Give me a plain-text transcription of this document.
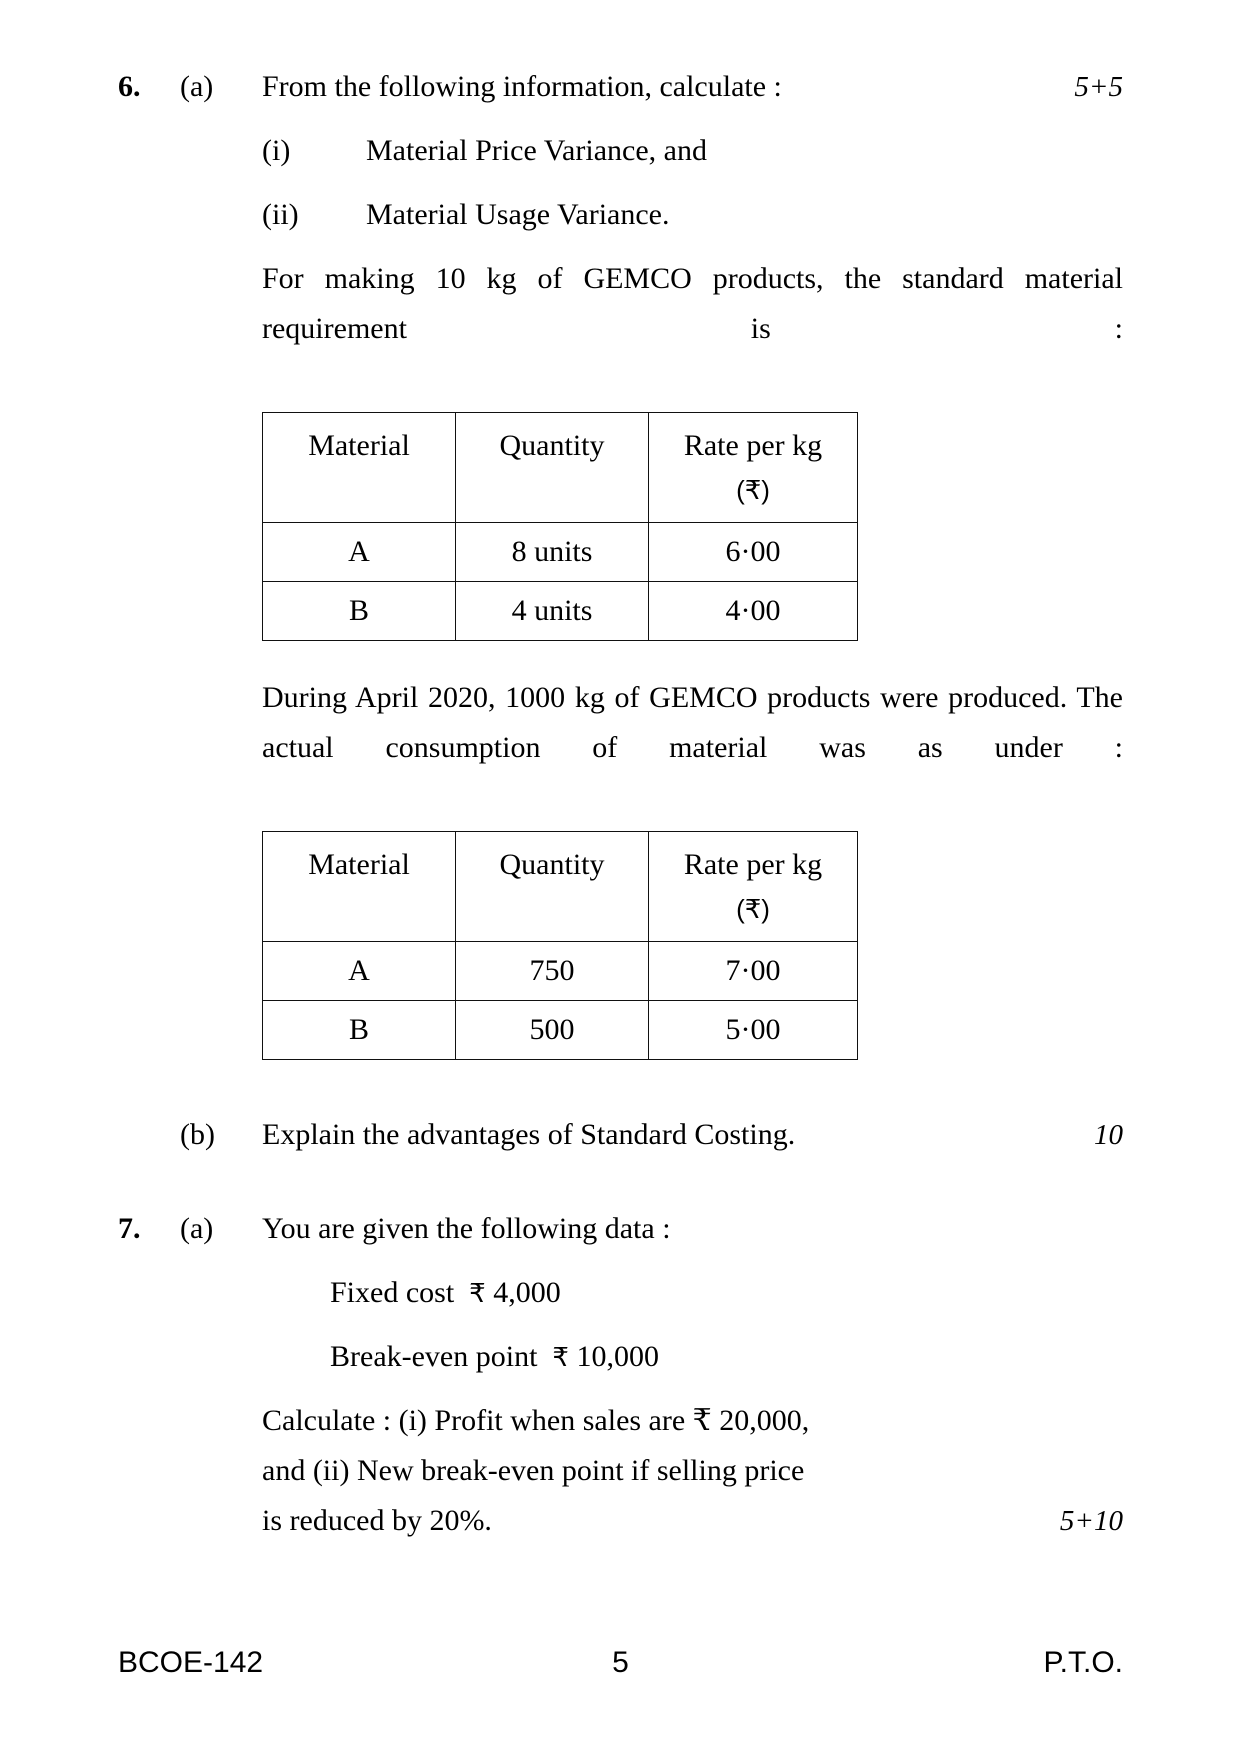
6.	(a)	5+5
From the following information, calculate :
(i)	Material Price Variance, and
(ii)	Material Usage Variance.
For making 10 kg of GEMCO products, the standard material requirement is :
Material	Quantity	Rate per kg
(₹)
A	8 units	6·00
B	4 units	4·00
During April 2020, 1000 kg of GEMCO products were produced. The actual consumption of material was as under :
Material	Quantity	Rate per kg
(₹)
A	750	7·00
B	500	5·00
(b)	10
Explain the advantages of Standard Costing.
7.	(a)	You are given the following data :
Fixed cost ₹ 4,000
Break-even point ₹ 10,000
Calculate : (i) Profit when sales are ₹ 20,000,
and (ii) New break-even point if selling price
5+10
is reduced by 20%.
BCOE-142	5	P.T.O.
